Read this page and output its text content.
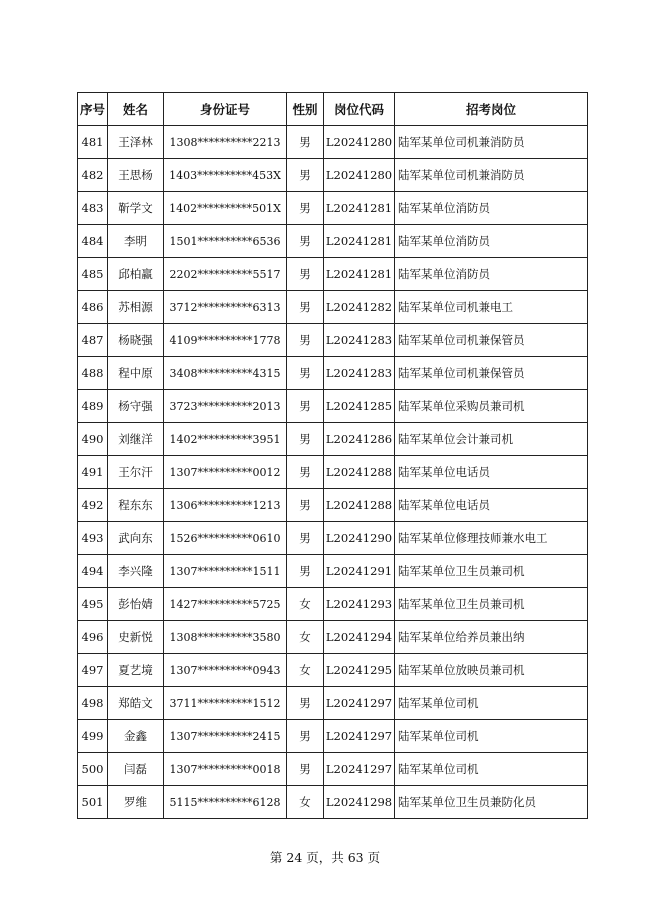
序号	姓名	身份证号	性别	岗位代码	招考岗位
481	王泽林	1308**********2213	男	L20241280	陆军某单位司机兼消防员
482	王思杨	1403**********453X	男	L20241280	陆军某单位司机兼消防员
483	靳学文	1402**********501X	男	L20241281	陆军某单位消防员
484	李明	1501**********6536	男	L20241281	陆军某单位消防员
485	邱柏赢	2202**********5517	男	L20241281	陆军某单位消防员
486	苏相源	3712**********6313	男	L20241282	陆军某单位司机兼电工
487	杨晓强	4109**********1778	男	L20241283	陆军某单位司机兼保管员
488	程中原	3408**********4315	男	L20241283	陆军某单位司机兼保管员
489	杨守强	3723**********2013	男	L20241285	陆军某单位采购员兼司机
490	刘继洋	1402**********3951	男	L20241286	陆军某单位会计兼司机
491	王尔汗	1307**********0012	男	L20241288	陆军某单位电话员
492	程东东	1306**********1213	男	L20241288	陆军某单位电话员
493	武向东	1526**********0610	男	L20241290	陆军某单位修理技师兼水电工
494	李兴隆	1307**********1511	男	L20241291	陆军某单位卫生员兼司机
495	彭怡婧	1427**********5725	女	L20241293	陆军某单位卫生员兼司机
496	史新悦	1308**********3580	女	L20241294	陆军某单位给养员兼出纳
497	夏艺境	1307**********0943	女	L20241295	陆军某单位放映员兼司机
498	郑皓文	3711**********1512	男	L20241297	陆军某单位司机
499	金鑫	1307**********2415	男	L20241297	陆军某单位司机
500	闫磊	1307**********0018	男	L20241297	陆军某单位司机
501	罗维	5115**********6128	女	L20241298	陆军某单位卫生员兼防化员
第 24 页，共 63 页
